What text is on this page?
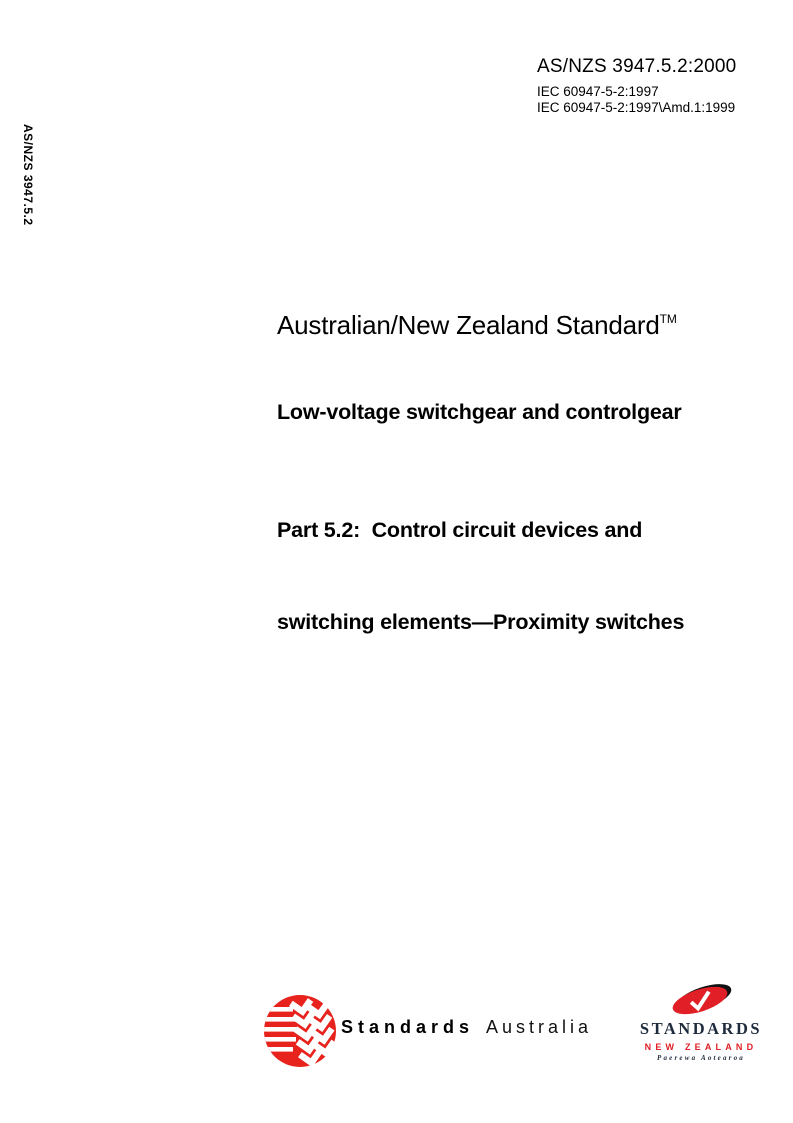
AS/NZS 3947.5.2:2000
IEC 60947-5-2:1997
IEC 60947-5-2:1997\Amd.1:1999
AS/NZS 3947.5.2
Australian/New Zealand Standard™
Low-voltage switchgear and controlgear

Part 5.2:  Control circuit devices and

switching elements—Proximity switches

Standards Australia	STANDARDS
NEW ZEALAND
Paerewa Aotearoa
